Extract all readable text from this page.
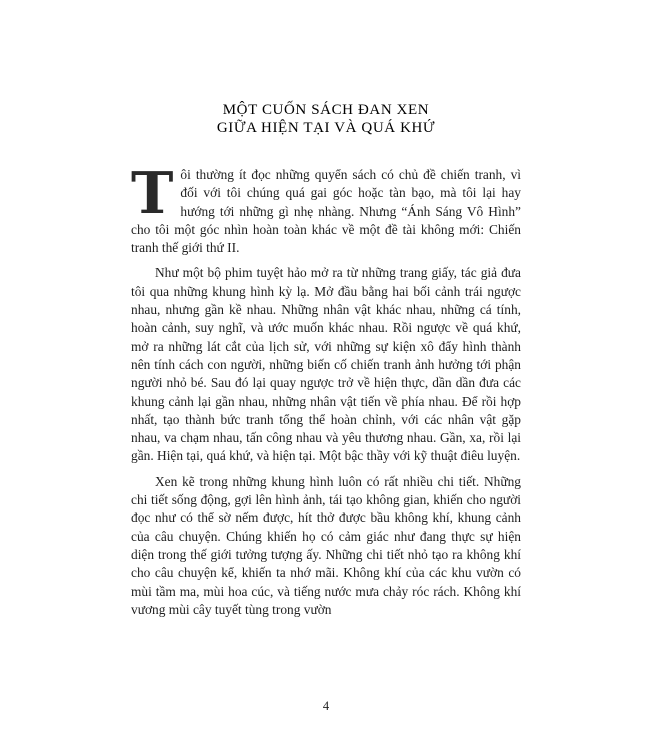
MỘT CUỐN SÁCH ĐAN XEN
GIỮA HIỆN TẠI VÀ QUÁ KHỨ

Tôi thường ít đọc những quyển sách có chủ đề chiến tranh, vì đối với tôi chúng quá gai góc hoặc tàn bạo, mà tôi lại hay hướng tới những gì nhẹ nhàng. Nhưng “Ánh Sáng Vô Hình” cho tôi một góc nhìn hoàn toàn khác về một đề tài không mới: Chiến tranh thế giới thứ II.

Như một bộ phim tuyệt hảo mở ra từ những trang giấy, tác giả đưa tôi qua những khung hình kỳ lạ. Mở đầu bằng hai bối cảnh trái ngược nhau, nhưng gần kề nhau. Những nhân vật khác nhau, những cá tính, hoàn cảnh, suy nghĩ, và ước muốn khác nhau. Rồi ngược về quá khứ, mở ra những lát cắt của lịch sử, với những sự kiện xô đẩy hình thành nên tính cách con người, những biến cố chiến tranh ảnh hưởng tới phận người nhỏ bé. Sau đó lại quay ngược trở về hiện thực, dần dần đưa các khung cảnh lại gần nhau, những nhân vật tiến về phía nhau. Để rồi hợp nhất, tạo thành bức tranh tổng thể hoàn chỉnh, với các nhân vật gặp nhau, va chạm nhau, tấn công nhau và yêu thương nhau. Gần, xa, rồi lại gần. Hiện tại, quá khứ, và hiện tại. Một bậc thầy với kỹ thuật điêu luyện.

Xen kẽ trong những khung hình luôn có rất nhiều chi tiết. Những chi tiết sống động, gợi lên hình ảnh, tái tạo không gian, khiến cho người đọc như có thể sờ nếm được, hít thở được bầu không khí, khung cảnh của câu chuyện. Chúng khiến họ có cảm giác như đang thực sự hiện diện trong thế giới tưởng tượng ấy. Những chi tiết nhỏ tạo ra không khí cho câu chuyện kể, khiến ta nhớ mãi. Không khí của các khu vườn có mùi tầm ma, mùi hoa cúc, và tiếng nước mưa chảy róc rách. Không khí vương mùi cây tuyết tùng trong vườn

4
